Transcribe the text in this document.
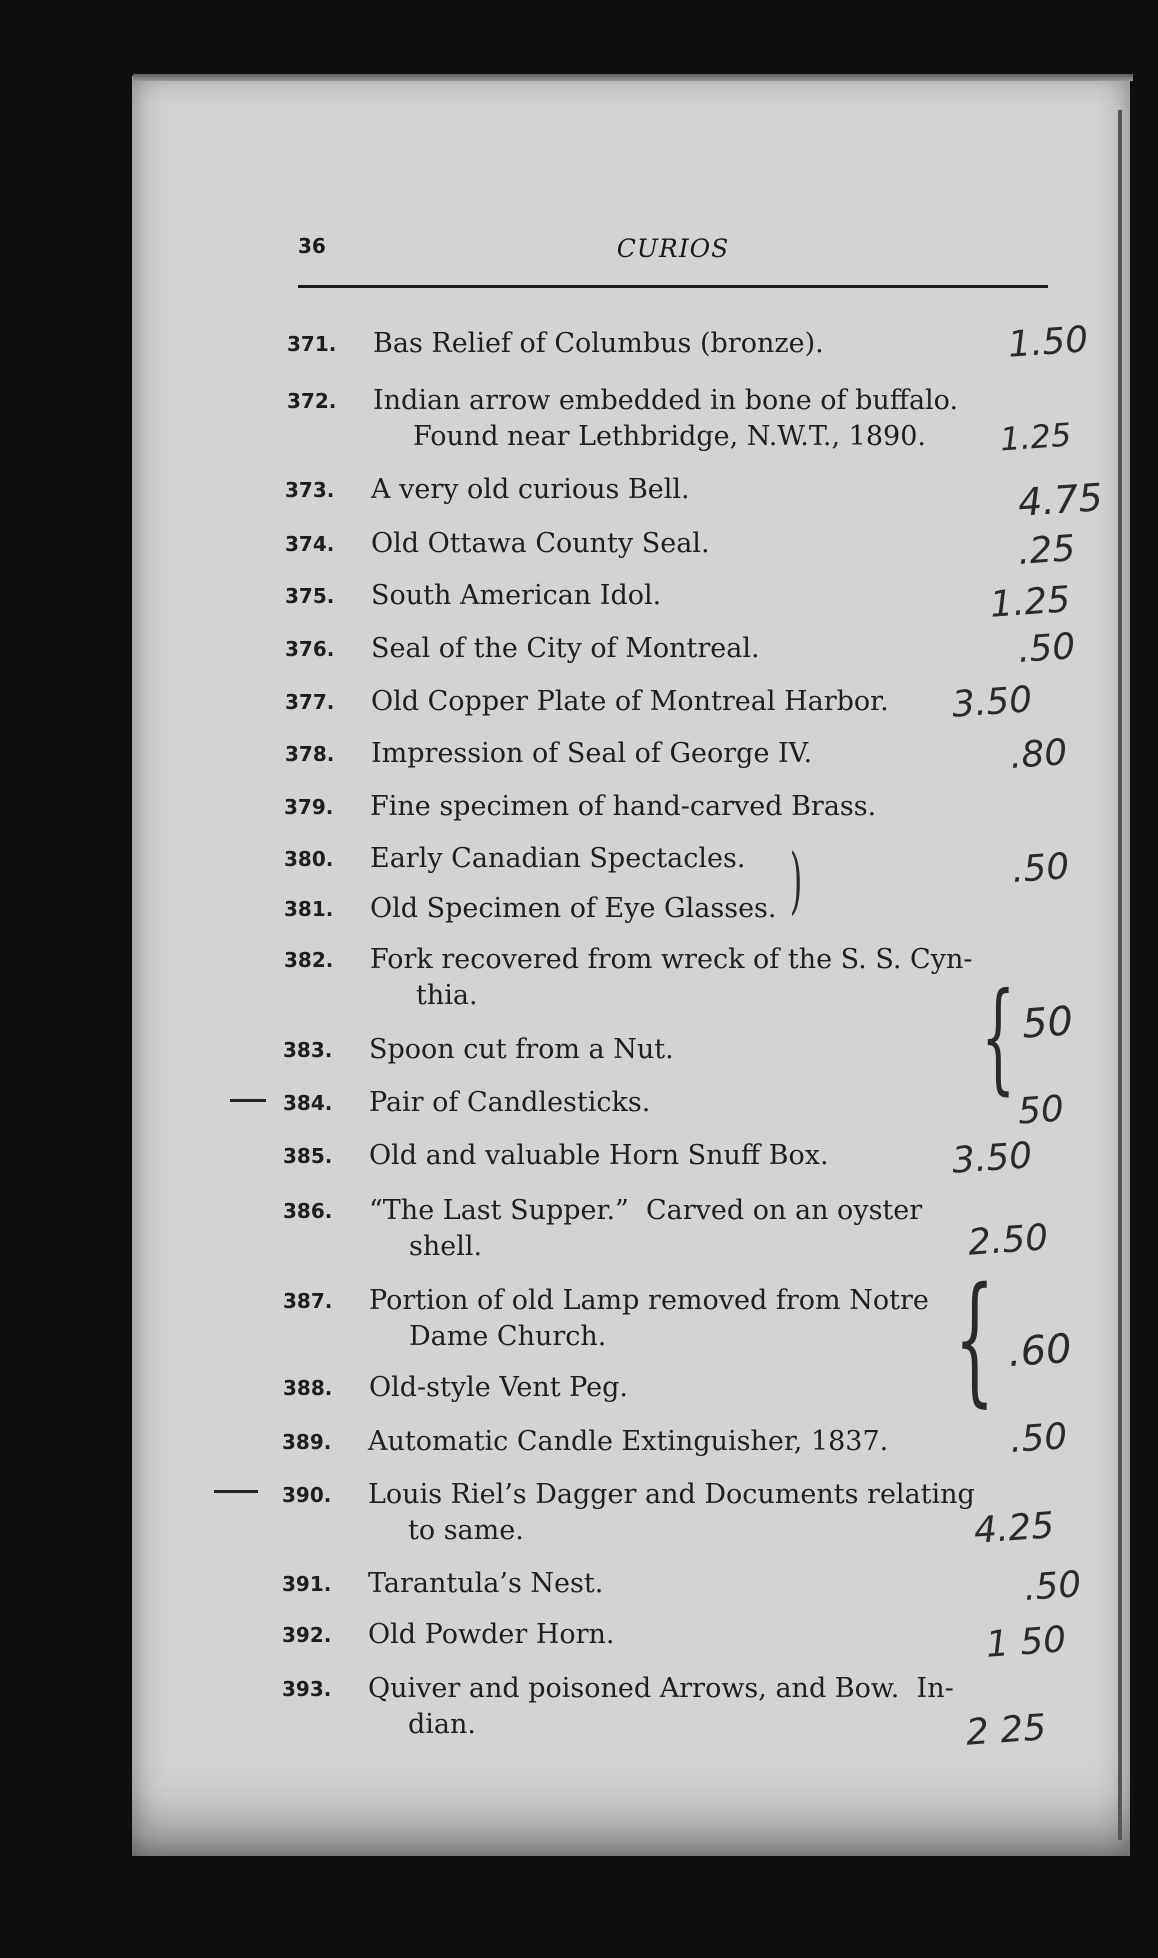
36	CURIOS
371. Bas Relief of Columbus (bronze).
372. Indian arrow embedded in bone of buffalo.
Found near Lethbridge, N.W.T., 1890.
373. A very old curious Bell.
374. Old Ottawa County Seal.
375. South American Idol.
376. Seal of the City of Montreal.
377. Old Copper Plate of Montreal Harbor.
378. Impression of Seal of George IV.
379. Fine specimen of hand-carved Brass.
380. Early Canadian Spectacles.
381. Old Specimen of Eye Glasses.
382. Fork recovered from wreck of the S. S. Cyn-
thia.
383. Spoon cut from a Nut.
384. Pair of Candlesticks.
385. Old and valuable Horn Snuff Box.
386. “The Last Supper.”  Carved on an oyster
shell.
387. Portion of old Lamp removed from Notre
Dame Church.
388. Old-style Vent Peg.
389. Automatic Candle Extinguisher, 1837.
390. Louis Riel’s Dagger and Documents relating
to same.
391. Tarantula’s Nest.
392. Old Powder Horn.
393. Quiver and poisoned Arrows, and Bow.  In-
dian.
1.50
1.25
4.75
.25
1.25
.50
3.50
.80
.50
50
50
3.50
2.50
.60
.50
4.25
.50
1 50
2 25
)
{
{
